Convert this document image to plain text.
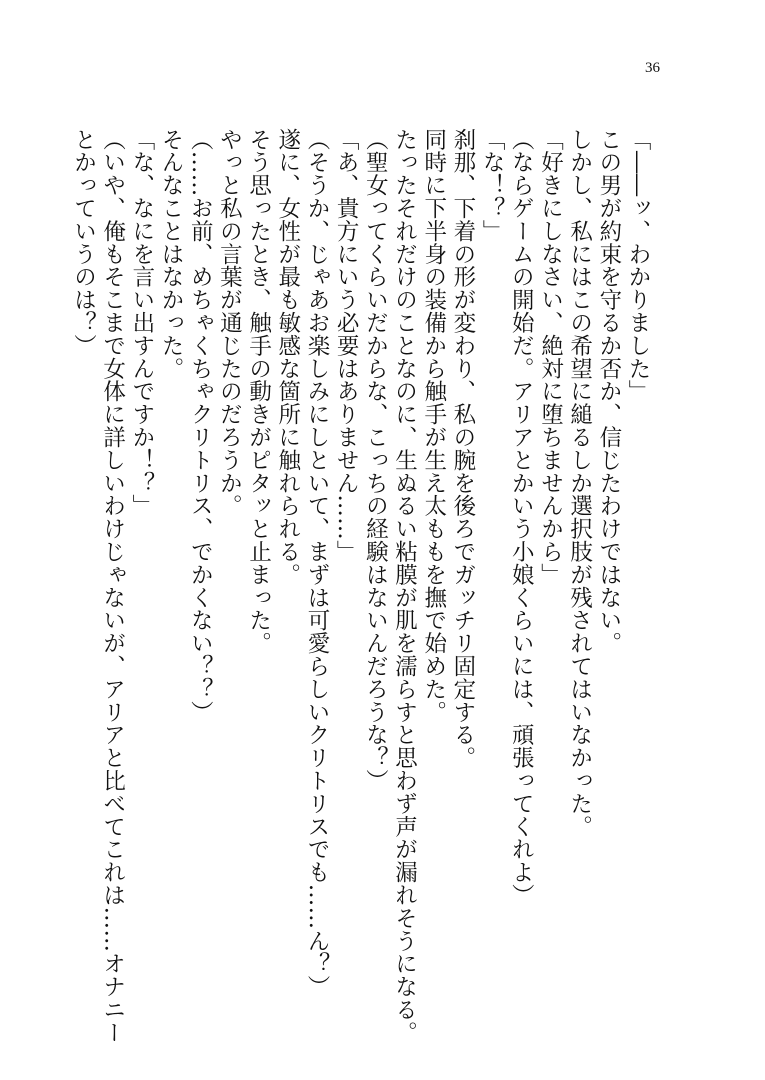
36
「――ッ、わかりました」
この男が約束を守るか否か、信じたわけではない。
しかし、私にはこの希望に縋るしか選択肢が残されてはいなかった。
「好きにしなさい、絶対に堕ちませんから」
（ならゲームの開始だ。アリアとかいう小娘くらいには、頑張ってくれよ）
「な！？」
刹那、下着の形が変わり、私の腕を後ろでガッチリ固定する。
同時に下半身の装備から触手が生え太ももを撫で始めた。
たったそれだけのことなのに、生ぬるい粘膜が肌を濡らすと思わず声が漏れそうになる。
（聖女ってくらいだからな、こっちの経験はないんだろうな？）
「あ、貴方にいう必要はありません……」
（そうか、じゃあお楽しみにしといて、まずは可愛らしいクリトリスでも……ん？）
遂に、女性が最も敏感な箇所に触れられる。
そう思ったとき、触手の動きがピタッと止まった。
やっと私の言葉が通じたのだろうか。
（……お前、めちゃくちゃクリトリス、でかくない？？）
そんなことはなかった。
「な、なにを言い出すんですか！？」
（いや、俺もそこまで女体に詳しいわけじゃないが、アリアと比べてこれは……オナニー
とかっていうのは？）
